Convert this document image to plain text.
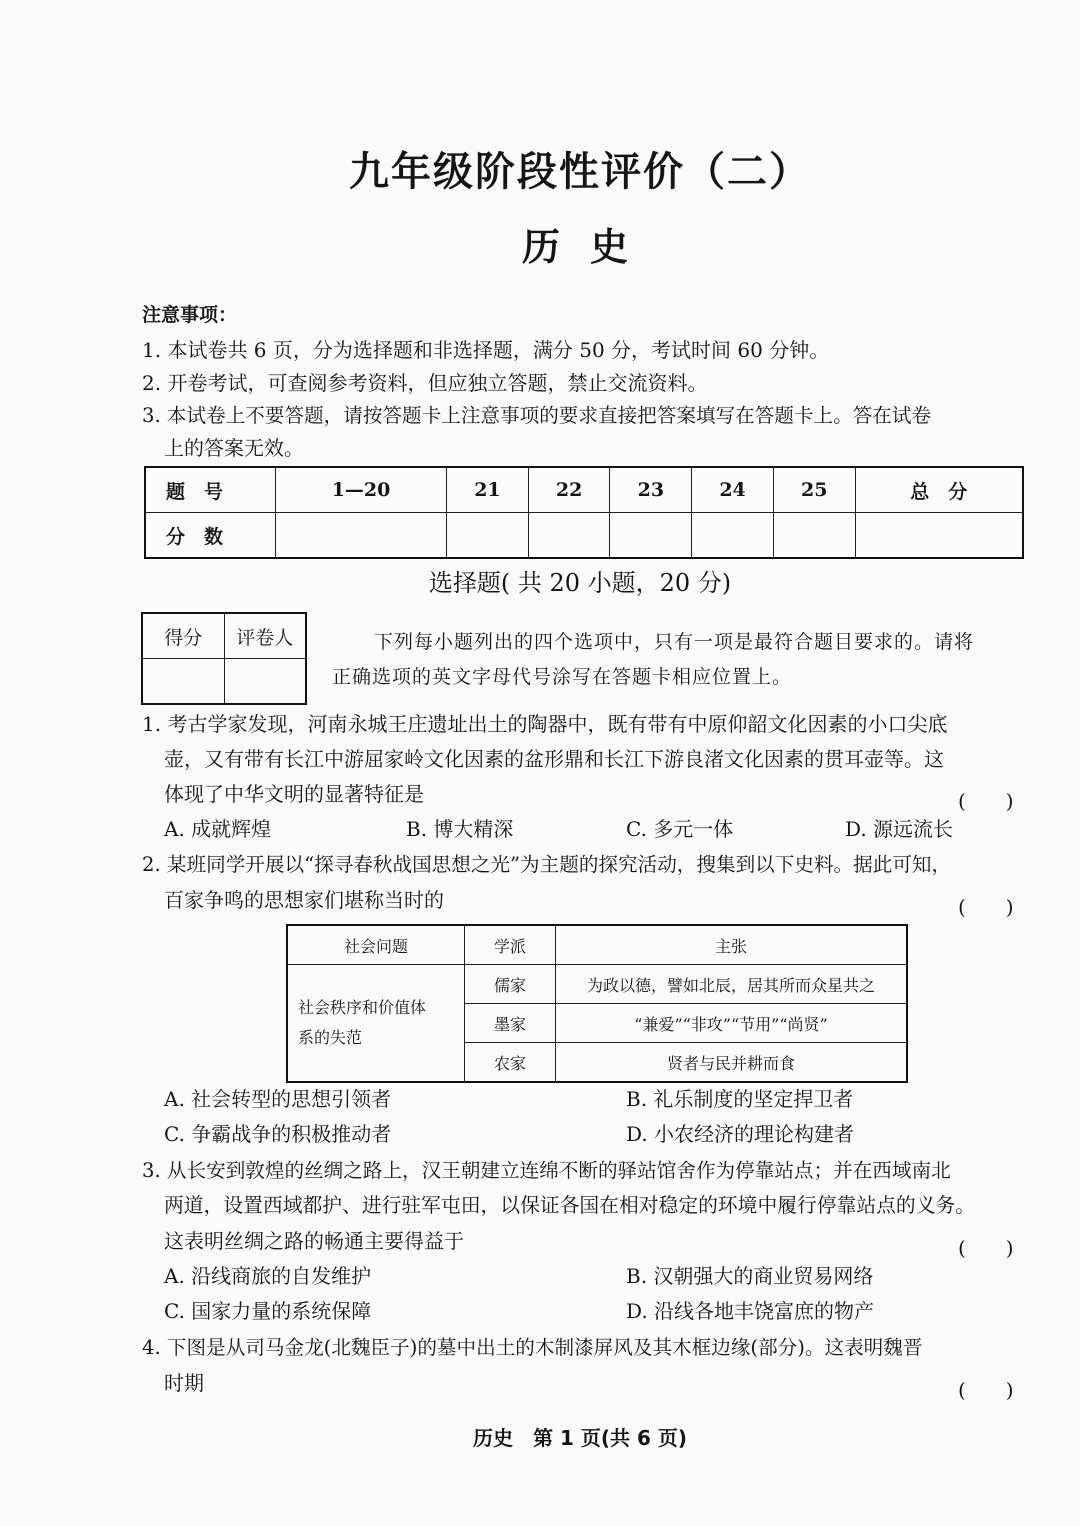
九年级阶段性评价（二）
历史
注意事项：
1. 本试卷共 6 页，分为选择题和非选择题，满分 50 分，考试时间 60 分钟。
2. 开卷考试，可查阅参考资料，但应独立答题，禁止交流资料。
3. 本试卷上不要答题，请按答题卡上注意事项的要求直接把答案填写在答题卡上。答在试卷
上的答案无效。
题　号	1—20	21	22	23	24	25	总　分
分　数							
选择题( 共 20 小题，20 分)
得分	评卷人
		下列每小题列出的四个选项中，只有一项是最符合题目要求的。请将
正确选项的英文字母代号涂写在答题卡相应位置上。
1. 考古学家发现，河南永城王庄遗址出土的陶器中，既有带有中原仰韶文化因素的小口尖底
壶，又有带有长江中游屈家岭文化因素的盆形鼎和长江下游良渚文化因素的贯耳壶等。这
体现了中华文明的显著特征是	(　　)
A. 成就辉煌	B. 博大精深	C. 多元一体	D. 源远流长
2. 某班同学开展以“探寻春秋战国思想之光”为主题的探究活动，搜集到以下史料。据此可知，
百家争鸣的思想家们堪称当时的	(　　)
社会问题	学派	主张

社会秩序和价值体
系的失范	儒家	为政以德，譬如北辰，居其所而众星共之
	墨家	“兼爱”“非攻”“节用”“尚贤”
	农家	贤者与民并耕而食
A. 社会转型的思想引领者	B. 礼乐制度的坚定捍卫者
C. 争霸战争的积极推动者	D. 小农经济的理论构建者
3. 从长安到敦煌的丝绸之路上，汉王朝建立连绵不断的驿站馆舍作为停靠站点；并在西域南北
两道，设置西域都护、进行驻军屯田，以保证各国在相对稳定的环境中履行停靠站点的义务。
这表明丝绸之路的畅通主要得益于	(　　)
A. 沿线商旅的自发维护	B. 汉朝强大的商业贸易网络
C. 国家力量的系统保障	D. 沿线各地丰饶富庶的物产
4. 下图是从司马金龙(北魏臣子)的墓中出土的木制漆屏风及其木框边缘(部分)。这表明魏晋
时期	(　　)
历史　第 1 页(共 6 页)
